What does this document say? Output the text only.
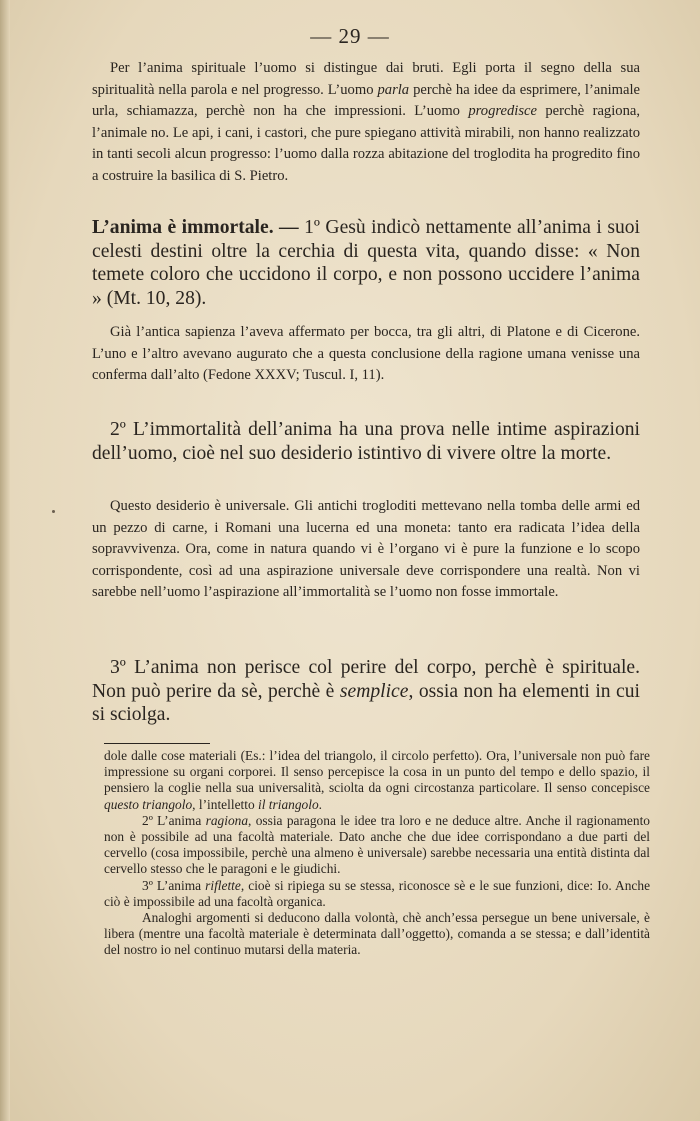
— 29 —

Per l’anima spirituale l’uomo si distingue dai bruti. Egli porta il segno della sua spiritualità nella parola e nel progresso. L’uomo parla perchè ha idee da esprimere, l’animale urla, schiamazza, perchè non ha che impressioni. L’uomo progredisce perchè ragiona, l’animale no. Le api, i cani, i castori, che pure spiegano attività mirabili, non hanno realizzato in tanti secoli alcun progresso: l’uomo dalla rozza abitazione del troglodita ha progredito fino a costruire la basilica di S. Pietro.

L’anima è immortale. — 1º Gesù indicò nettamente all’anima i suoi celesti destini oltre la cerchia di questa vita, quando disse: « Non temete coloro che uccidono il corpo, e non possono uccidere l’anima » (Mt. 10, 28).

Già l’antica sapienza l’aveva affermato per bocca, tra gli altri, di Platone e di Cicerone. L’uno e l’altro avevano augurato che a questa conclusione della ragione umana venisse una conferma dall’alto (Fedone XXXV; Tuscul. I, 11).

2º L’immortalità dell’anima ha una prova nelle intime aspirazioni dell’uomo, cioè nel suo desiderio istintivo di vivere oltre la morte.

Questo desiderio è universale. Gli antichi trogloditi mettevano nella tomba delle armi ed un pezzo di carne, i Romani una lucerna ed una moneta: tanto era radicata l’idea della sopravvivenza. Ora, come in natura quando vi è l’organo vi è pure la funzione e lo scopo corrispondente, così ad una aspirazione universale deve corrispondere una realtà. Non vi sarebbe nell’uomo l’aspirazione all’immortalità se l’uomo non fosse immortale.

3º L’anima non perisce col perire del corpo, perchè è spirituale. Non può perire da sè, perchè è semplice, ossia non ha elementi in cui si sciolga.

dole dalle cose materiali (Es.: l’idea del triangolo, il circolo perfetto). Ora, l’universale non può fare impressione su organi corporei. Il senso percepisce la cosa in un punto del tempo e dello spazio, il pensiero la coglie nella sua universalità, sciolta da ogni circostanza particolare. Il senso concepisce questo triangolo, l’intelletto il triangolo.

2º L’anima ragiona, ossia paragona le idee tra loro e ne deduce altre. Anche il ragionamento non è possibile ad una facoltà materiale. Dato anche che due idee corrispondano a due parti del cervello (cosa impossibile, perchè una almeno è universale) sarebbe necessaria una entità distinta dal cervello stesso che le paragoni e le giudichi.

3º L’anima riflette, cioè si ripiega su se stessa, riconosce sè e le sue funzioni, dice: Io. Anche ciò è impossibile ad una facoltà organica.

Analoghi argomenti si deducono dalla volontà, chè anch’essa persegue un bene universale, è libera (mentre una facoltà materiale è determinata dall’oggetto), comanda a se stessa; e dall’identità del nostro io nel continuo mutarsi della materia.
